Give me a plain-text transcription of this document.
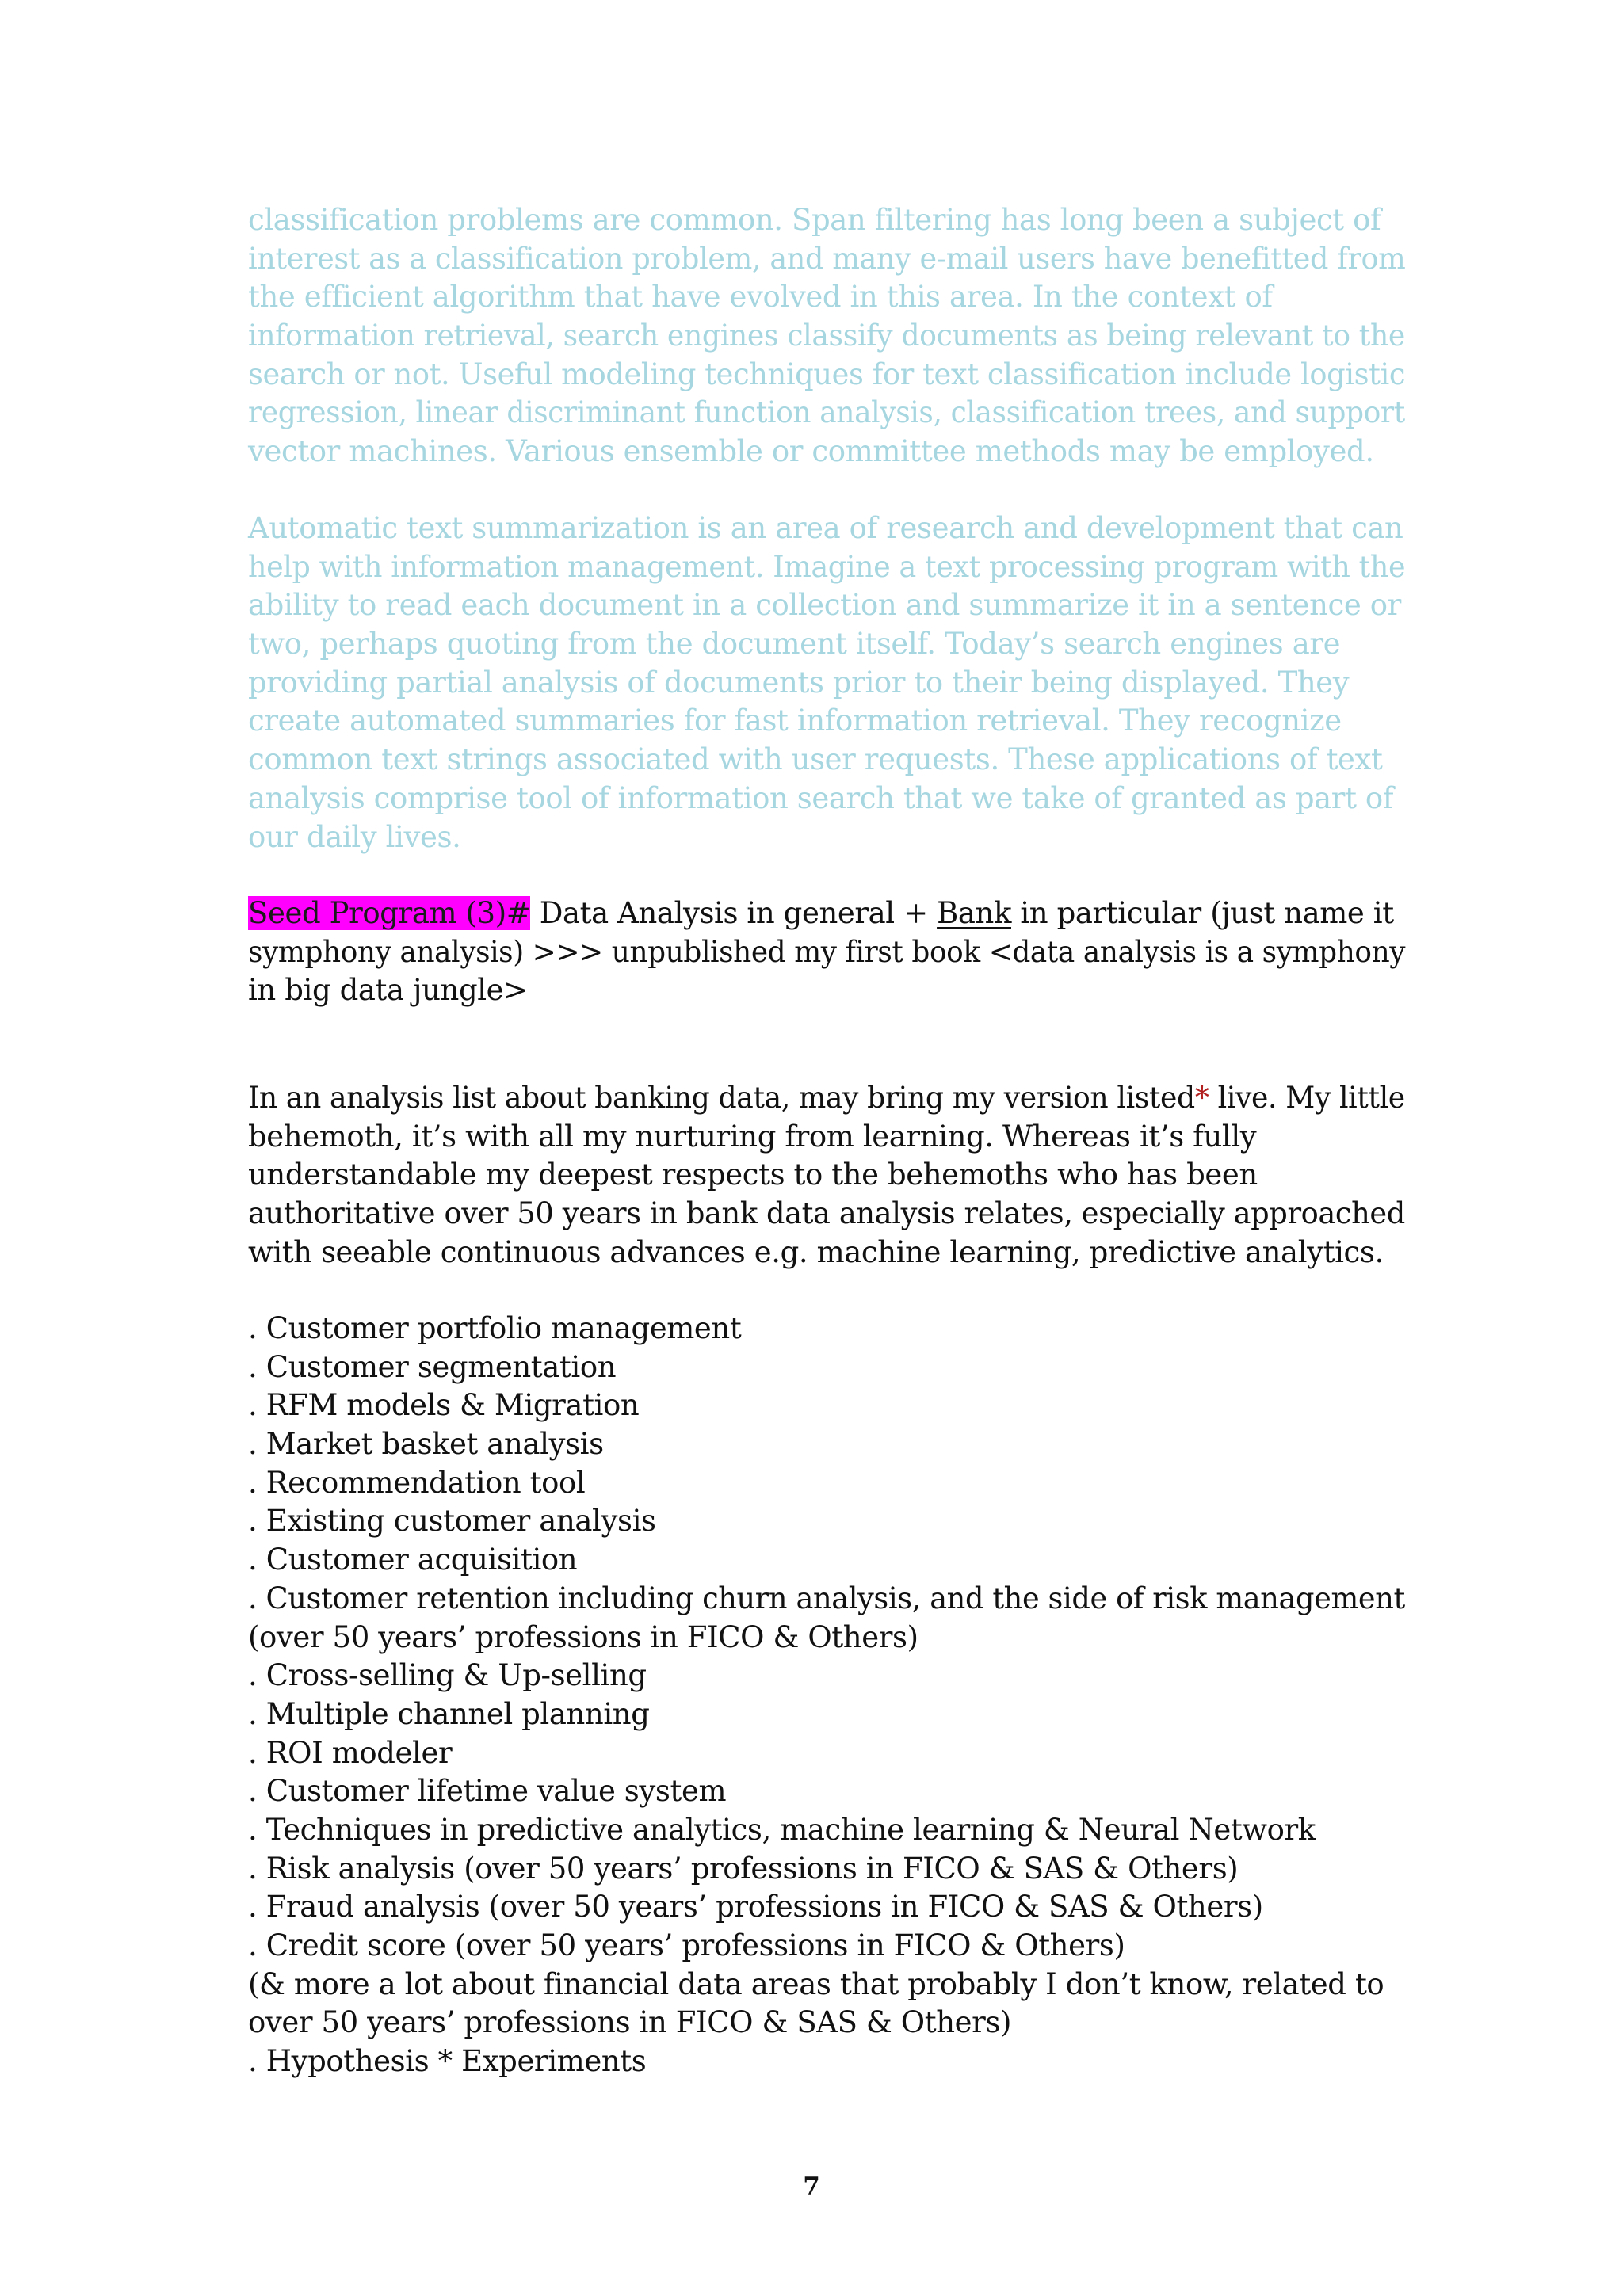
classification problems are common. Span filtering has long been a subject of
interest as a classification problem, and many e-mail users have benefitted from
the efficient algorithm that have evolved in this area. In the context of
information retrieval, search engines classify documents as being relevant to the
search or not. Useful modeling techniques for text classification include logistic
regression, linear discriminant function analysis, classification trees, and support
vector machines. Various ensemble or committee methods may be employed.
Automatic text summarization is an area of research and development that can
help with information management. Imagine a text processing program with the
ability to read each document in a collection and summarize it in a sentence or
two, perhaps quoting from the document itself. Today’s search engines are
providing partial analysis of documents prior to their being displayed. They
create automated summaries for fast information retrieval. They recognize
common text strings associated with user requests. These applications of text
analysis comprise tool of information search that we take of granted as part of
our daily lives.
Seed Program (3)# Data Analysis in general + Bank in particular (just name it
symphony analysis) >>> unpublished my first book <data analysis is a symphony
in big data jungle>
In an analysis list about banking data, may bring my version listed* live. My little
behemoth, it’s with all my nurturing from learning. Whereas it’s fully
understandable my deepest respects to the behemoths who has been
authoritative over 50 years in bank data analysis relates, especially approached
with seeable continuous advances e.g. machine learning, predictive analytics.
. Customer portfolio management
. Customer segmentation
. RFM models & Migration
. Market basket analysis
. Recommendation tool
. Existing customer analysis
. Customer acquisition
. Customer retention including churn analysis, and the side of risk management
(over 50 years’ professions in FICO & Others)
. Cross-selling & Up-selling
. Multiple channel planning
. ROI modeler
. Customer lifetime value system
. Techniques in predictive analytics, machine learning & Neural Network
. Risk analysis (over 50 years’ professions in FICO & SAS & Others)
. Fraud analysis (over 50 years’ professions in FICO & SAS & Others)
. Credit score (over 50 years’ professions in FICO & Others)
(& more a lot about financial data areas that probably I don’t know, related to
over 50 years’ professions in FICO & SAS & Others)
. Hypothesis * Experiments
7
